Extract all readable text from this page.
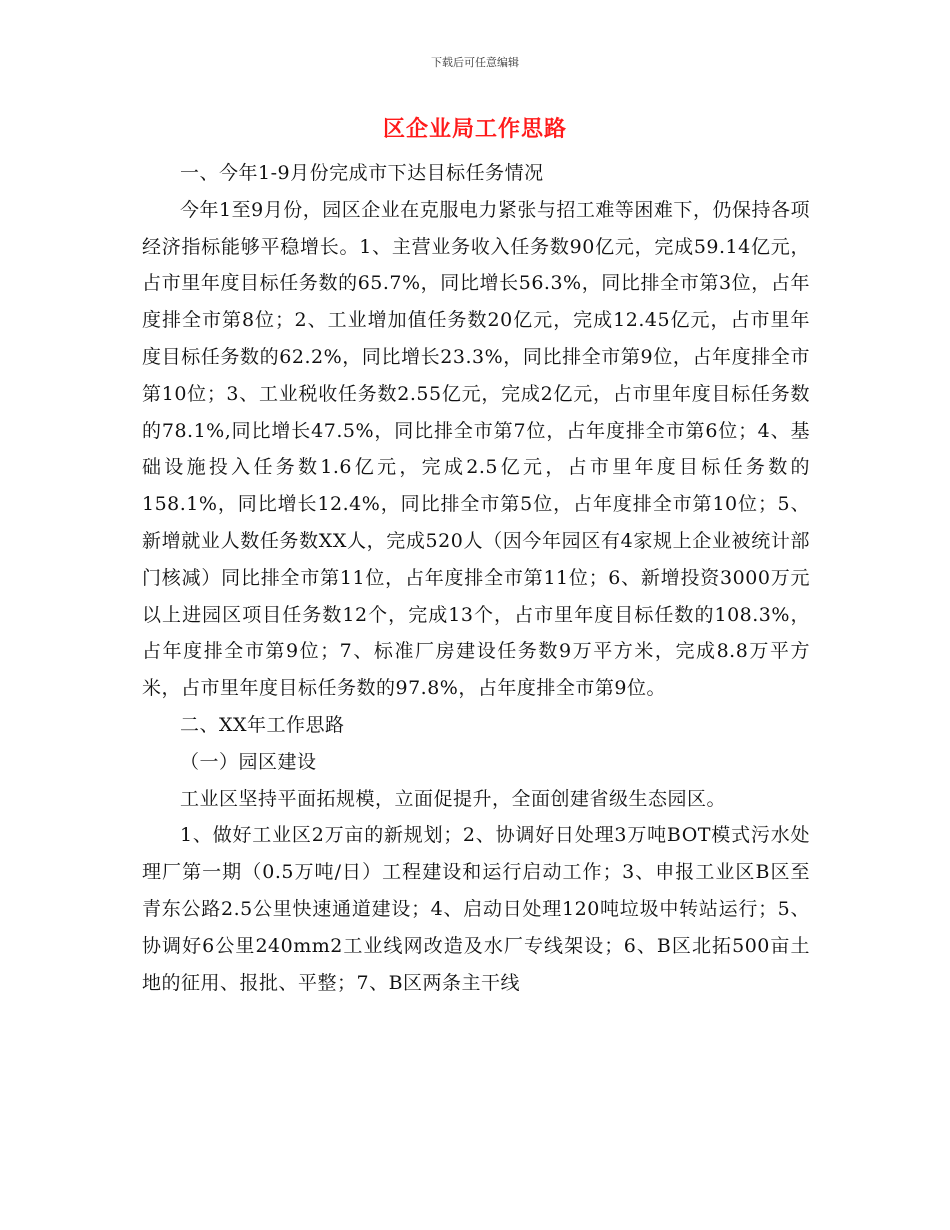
下载后可任意编辑
区企业局工作思路

一、今年1-9月份完成市下达目标任务情况

今年1至9月份，园区企业在克服电力紧张与招工难等困难下，仍保持各项经济指标能够平稳增长。1、主营业务收入任务数90亿元，完成59.14亿元，占市里年度目标任务数的65.7%，同比增长56.3%，同比排全市第3位，占年度排全市第8位；2、工业增加值任务数20亿元，完成12.45亿元，占市里年度目标任务数的62.2%，同比增长23.3%，同比排全市第9位，占年度排全市第10位；3、工业税收任务数2.55亿元，完成2亿元，占市里年度目标任务数的78.1%,同比增长47.5%，同比排全市第7位，占年度排全市第6位；4、基础设施投入任务数1.6亿元，完成2.5亿元，占市里年度目标任务数的158.1%，同比增长12.4%，同比排全市第5位，占年度排全市第10位；5、新增就业人数任务数XX人，完成520人（因今年园区有4家规上企业被统计部门核减）同比排全市第11位，占年度排全市第11位；6、新增投资3000万元以上进园区项目任务数12个，完成13个，占市里年度目标任数的108.3%，占年度排全市第9位；7、标准厂房建设任务数9万平方米，完成8.8万平方米，占市里年度目标任务数的97.8%，占年度排全市第9位。

二、XX年工作思路

（一）园区建设

工业区坚持平面拓规模，立面促提升，全面创建省级生态园区。

1、做好工业区2万亩的新规划；2、协调好日处理3万吨BOT模式污水处理厂第一期（0.5万吨/日）工程建设和运行启动工作；3、申报工业区B区至青东公路2.5公里快速通道建设；4、启动日处理120吨垃圾中转站运行；5、协调好6公里240mm2工业线网改造及水厂专线架设；6、B区北拓500亩土地的征用、报批、平整；7、B区两条主干线
